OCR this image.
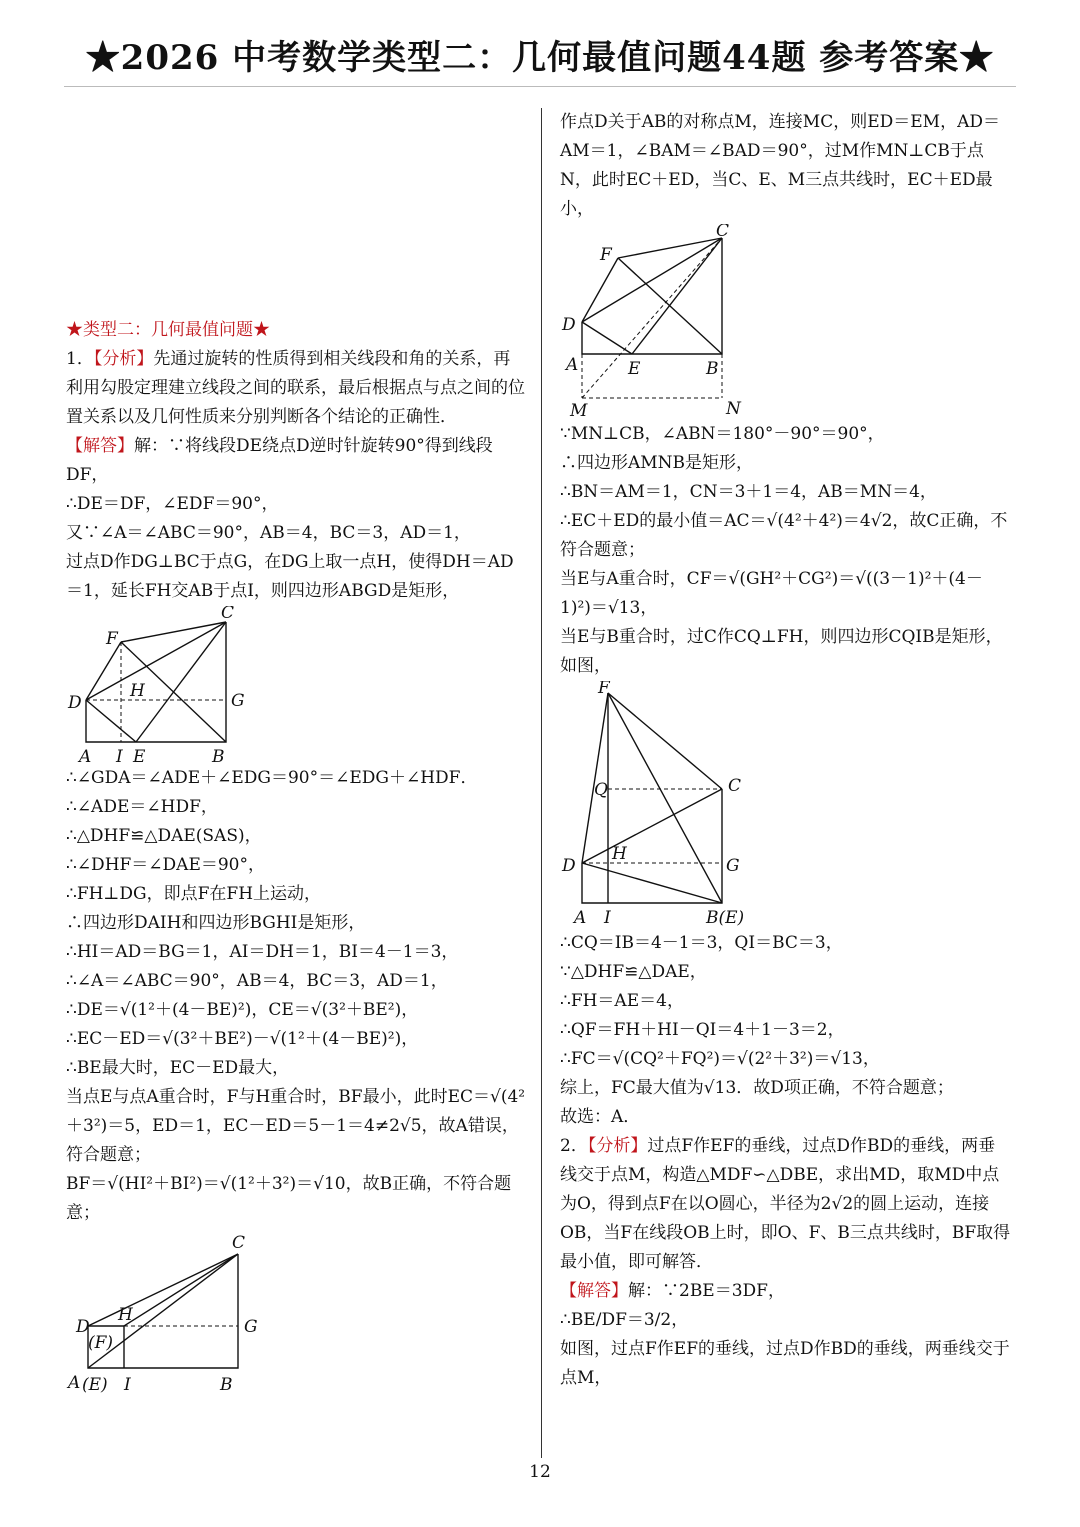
★2026 中考数学类型二：几何最值问题44题 参考答案★

★类型二：几何最值问题★

1．【分析】先通过旋转的性质得到相关线段和角的关系，再利用勾股定理建立线段之间的联系，最后根据点与点之间的位置关系以及几何性质来分别判断各个结论的正确性．

【解答】解：∵将线段DE绕点D逆时针旋转90°得到线段DF，

∴DE＝DF，∠EDF＝90°，

又∵∠A＝∠ABC＝90°，AB＝4，BC＝3，AD＝1，

过点D作DG⊥BC于点G，在DG上取一点H，使得DH＝AD＝1，延长FH交AB于点I，则四边形ABGD是矩形，

C
F
H
D	G
A I E	B

∴∠GDA＝∠ADE＋∠EDG＝90°＝∠EDG＋∠HDF．

∴∠ADE＝∠HDF，

∴△DHF≌△DAE(SAS)，

∴∠DHF＝∠DAE＝90°，

∴FH⊥DG，即点F在FH上运动，

∴四边形DAIH和四边形BGHI是矩形，

∴HI＝AD＝BG＝1，AI＝DH＝1，BI＝4－1＝3，

∴∠A＝∠ABC＝90°，AB＝4，BC＝3，AD＝1，

∴DE＝√(1²＋(4－BE)²)，CE＝√(3²＋BE²)，

∴EC－ED＝√(3²＋BE²)－√(1²＋(4－BE)²)，

∴BE最大时，EC－ED最大，

当点E与点A重合时，F与H重合时，BF最小，此时EC＝√(4²＋3²)＝5，ED＝1，EC－ED＝5－1＝4≠2√5，故A错误，符合题意；

BF＝√(HI²＋BI²)＝√(1²＋3²)＝√10，故B正确，不符合题意；

C
H
D
(F)
G
A (E) I	B

作点D关于AB的对称点M，连接MC，则ED＝EM，AD＝AM＝1，∠BAM＝∠BAD＝90°，过M作MN⊥CB于点N，此时EC＋ED，当C、E、M三点共线时，EC＋ED最小，

C
F
D
A	E	B
M	N

∵MN⊥CB，∠ABN＝180°－90°＝90°，

∴四边形AMNB是矩形，

∴BN＝AM＝1，CN＝3＋1＝4，AB＝MN＝4，

∴EC＋ED的最小值＝AC＝√(4²＋4²)＝4√2，故C正确，不符合题意；

当E与A重合时，CF＝√(GH²＋CG²)＝√((3－1)²＋(4－1)²)＝√13，

当E与B重合时，过C作CQ⊥FH，则四边形CQIB是矩形，如图，

F
Q	C
H
D	G
A I	B(E)

∴CQ＝IB＝4－1＝3，QI＝BC＝3，

∵△DHF≌△DAE，

∴FH＝AE＝4，

∴QF＝FH＋HI－QI＝4＋1－3＝2，

∴FC＝√(CQ²＋FQ²)＝√(2²＋3²)＝√13，

综上，FC最大值为√13．故D项正确，不符合题意；

故选：A．

2．【分析】过点F作EF的垂线，过点D作BD的垂线，两垂线交于点M，构造△MDF∽△DBE，求出MD，取MD中点为O，得到点F在以O圆心，半径为2√2的圆上运动，连接OB，当F在线段OB上时，即O、F、B三点共线时，BF取得最小值，即可解答．

【解答】解：∵2BE＝3DF，

∴BE/DF＝3/2，

如图，过点F作EF的垂线，过点D作BD的垂线，两垂线交于点M，

12
